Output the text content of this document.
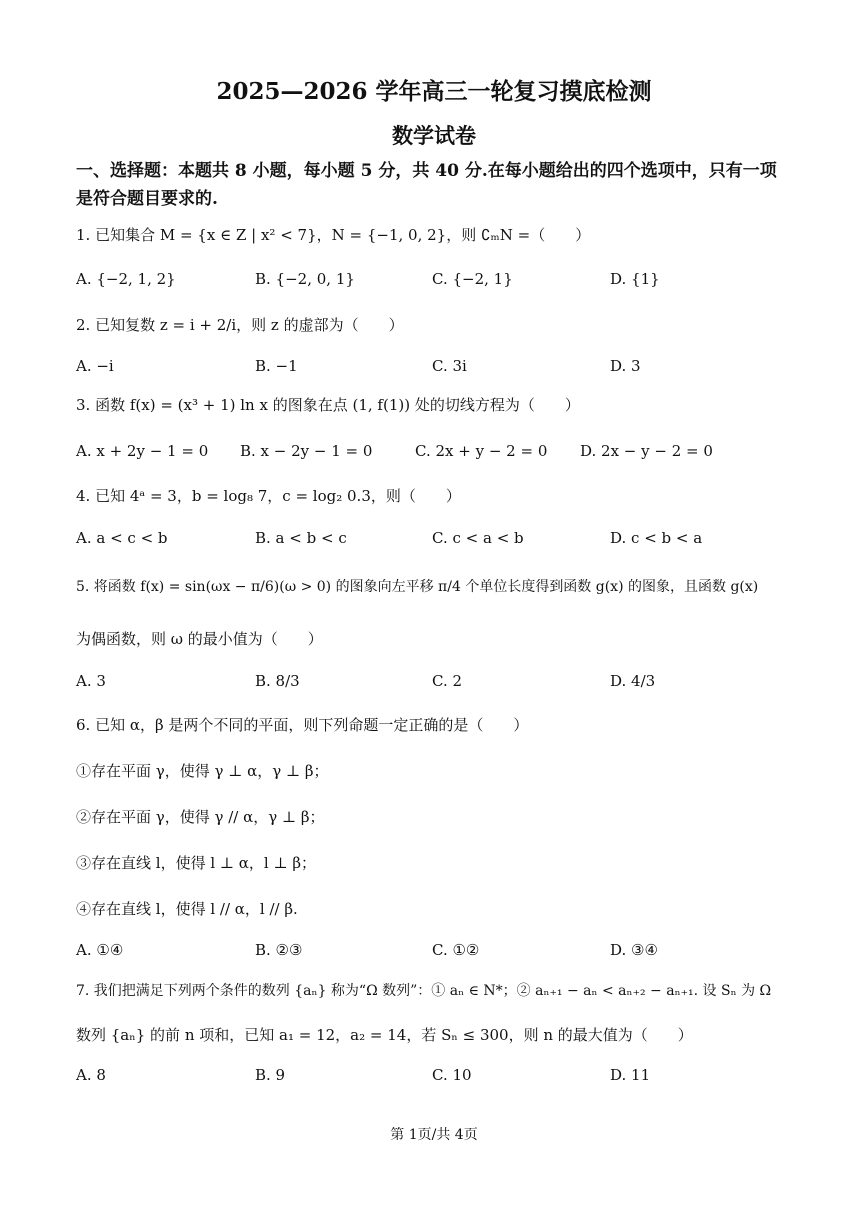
2025—2026 学年高三一轮复习摸底检测
数学试卷
一、选择题：本题共 8 小题，每小题 5 分，共 40 分.在每小题给出的四个选项中，只有一项
是符合题目要求的.
1. 已知集合 M = {x ∈ Z | x² < 7}，N = {−1, 0, 2}，则 ∁ₘN =（　　）
A. {−2, 1, 2}	B. {−2, 0, 1}	C. {−2, 1}	D. {1}
2. 已知复数 z = i + 2/i，则 z 的虚部为（　　）
A. −i	B. −1	C. 3i	D. 3
3. 函数 f(x) = (x³ + 1) ln x 的图象在点 (1, f(1)) 处的切线方程为（　　）
A. x + 2y − 1 = 0 B. x − 2y − 1 = 0	C. 2x + y − 2 = 0 D. 2x − y − 2 = 0
4. 已知 4ᵃ = 3，b = log₈ 7，c = log₂ 0.3，则（　　）
A. a < c < b	B. a < b < c	C. c < a < b	D. c < b < a
5. 将函数 f(x) = sin(ωx − π/6)(ω > 0) 的图象向左平移 π/4 个单位长度得到函数 g(x) 的图象，且函数 g(x)
为偶函数，则 ω 的最小值为（　　）
A. 3	B. 8/3	C. 2	D. 4/3
6. 已知 α，β 是两个不同的平面，则下列命题一定正确的是（　　）
①存在平面 γ，使得 γ ⊥ α，γ ⊥ β；
②存在平面 γ，使得 γ // α，γ ⊥ β；
③存在直线 l，使得 l ⊥ α，l ⊥ β；
④存在直线 l，使得 l // α，l // β.
A. ①④	B. ②③	C. ①②	D. ③④
7. 我们把满足下列两个条件的数列 {aₙ} 称为“Ω 数列”：① aₙ ∈ N*；② aₙ₊₁ − aₙ < aₙ₊₂ − aₙ₊₁. 设 Sₙ 为 Ω
数列 {aₙ} 的前 n 项和，已知 a₁ = 12，a₂ = 14，若 Sₙ ≤ 300，则 n 的最大值为（　　）
A. 8	B. 9	C. 10	D. 11
第 1页/共 4页
